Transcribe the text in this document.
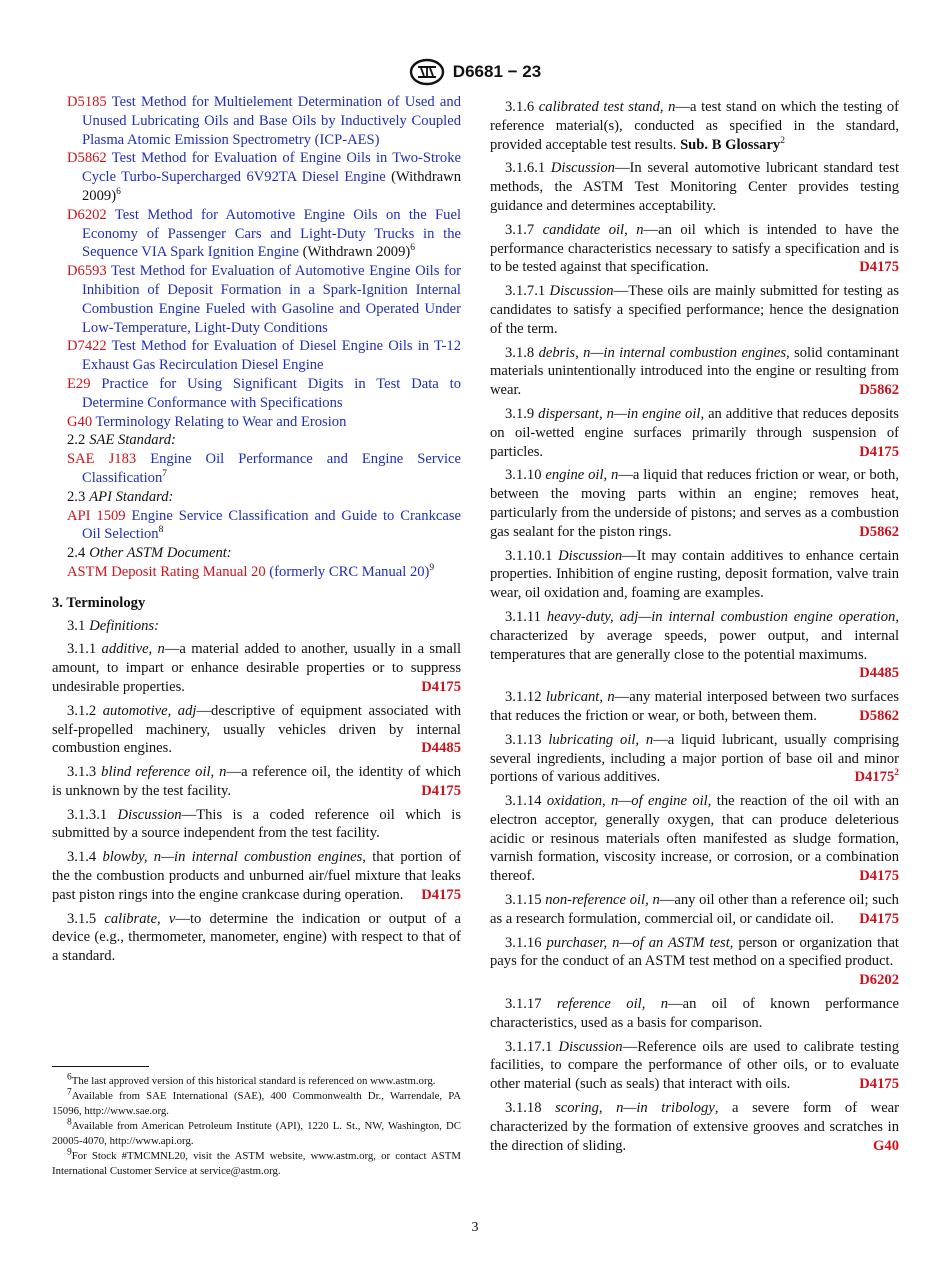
D6681 − 23
D5185 Test Method for Multielement Determination of Used and Unused Lubricating Oils and Base Oils by Inductively Coupled Plasma Atomic Emission Spectrometry (ICP-AES)
D5862 Test Method for Evaluation of Engine Oils in Two-Stroke Cycle Turbo-Supercharged 6V92TA Diesel Engine (Withdrawn 2009)$^6$
D6202 Test Method for Automotive Engine Oils on the Fuel Economy of Passenger Cars and Light-Duty Trucks in the Sequence VIA Spark Ignition Engine (Withdrawn 2009)$^6$
D6593 Test Method for Evaluation of Automotive Engine Oils for Inhibition of Deposit Formation in a Spark-Ignition Internal Combustion Engine Fueled with Gasoline and Operated Under Low-Temperature, Light-Duty Conditions
D7422 Test Method for Evaluation of Diesel Engine Oils in T-12 Exhaust Gas Recirculation Diesel Engine
E29 Practice for Using Significant Digits in Test Data to Determine Conformance with Specifications
G40 Terminology Relating to Wear and Erosion
2.2 SAE Standard:
SAE J183 Engine Oil Performance and Engine Service Classification$^7$
2.3 API Standard:
API 1509 Engine Service Classification and Guide to Crankcase Oil Selection$^8$
2.4 Other ASTM Document:
ASTM Deposit Rating Manual 20 (formerly CRC Manual 20)$^9$
3. Terminology
3.1 Definitions:
3.1.1 additive, n—a material added to another, usually in a small amount, to impart or enhance desirable properties or to suppress undesirable properties.	D4175
3.1.2 automotive, adj—descriptive of equipment associated with self-propelled machinery, usually vehicles driven by internal combustion engines.	D4485
3.1.3 blind reference oil, n—a reference oil, the identity of which is unknown by the test facility.	D4175
3.1.3.1 Discussion—This is a coded reference oil which is submitted by a source independent from the test facility.
3.1.4 blowby, n—in internal combustion engines, that portion of the the combustion products and unburned air/fuel mixture that leaks past piston rings into the engine crankcase during operation.	D4175
3.1.5 calibrate, v—to determine the indication or output of a device (e.g., thermometer, manometer, engine) with respect to that of a standard.
3.1.6 calibrated test stand, n—a test stand on which the testing of reference material(s), conducted as specified in the standard, provided acceptable test results. Sub. B Glossary$^2$
3.1.6.1 Discussion—In several automotive lubricant standard test methods, the ASTM Test Monitoring Center provides testing guidance and determines acceptability.
3.1.7 candidate oil, n—an oil which is intended to have the performance characteristics necessary to satisfy a specification and is to be tested against that specification.	D4175
3.1.7.1 Discussion—These oils are mainly submitted for testing as candidates to satisfy a specified performance; hence the designation of the term.
3.1.8 debris, n—in internal combustion engines, solid contaminant materials unintentionally introduced into the engine or resulting from wear.	D5862
3.1.9 dispersant, n—in engine oil, an additive that reduces deposits on oil-wetted engine surfaces primarily through suspension of particles.	D4175
3.1.10 engine oil, n—a liquid that reduces friction or wear, or both, between the moving parts within an engine; removes heat, particularly from the underside of pistons; and serves as a combustion gas sealant for the piston rings.	D5862
3.1.10.1 Discussion—It may contain additives to enhance certain properties. Inhibition of engine rusting, deposit formation, valve train wear, oil oxidation and, foaming are examples.
3.1.11 heavy-duty, adj—in internal combustion engine operation, characterized by average speeds, power output, and internal temperatures that are generally close to the potential maximums.
D4485
3.1.12 lubricant, n—any material interposed between two surfaces that reduces the friction or wear, or both, between them.	D5862
3.1.13 lubricating oil, n—a liquid lubricant, usually comprising several ingredients, including a major portion of base oil and minor portions of various additives.	D4175$^2$
3.1.14 oxidation, n—of engine oil, the reaction of the oil with an electron acceptor, generally oxygen, that can produce deleterious acidic or resinous materials often manifested as sludge formation, varnish formation, viscosity increase, or corrosion, or a combination thereof.	D4175
3.1.15 non-reference oil, n—any oil other than a reference oil; such as a research formulation, commercial oil, or candidate oil.	D4175
3.1.16 purchaser, n—of an ASTM test, person or organization that pays for the conduct of an ASTM test method on a specified product.
D6202
3.1.17 reference oil, n—an oil of known performance characteristics, used as a basis for comparison.
3.1.17.1 Discussion—Reference oils are used to calibrate testing facilities, to compare the performance of other oils, or to evaluate other material (such as seals) that interact with oils.	D4175
3.1.18 scoring, n—in tribology, a severe form of wear characterized by the formation of extensive grooves and scratches in the direction of sliding.	G40
$^6$The last approved version of this historical standard is referenced on www.astm.org.
$^7$Available from SAE International (SAE), 400 Commonwealth Dr., Warrendale, PA 15096, http://www.sae.org.
$^8$Available from American Petroleum Institute (API), 1220 L. St., NW, Washington, DC 20005-4070, http://www.api.org.
$^9$For Stock #TMCMNL20, visit the ASTM website, www.astm.org, or contact ASTM International Customer Service at service@astm.org.
3
